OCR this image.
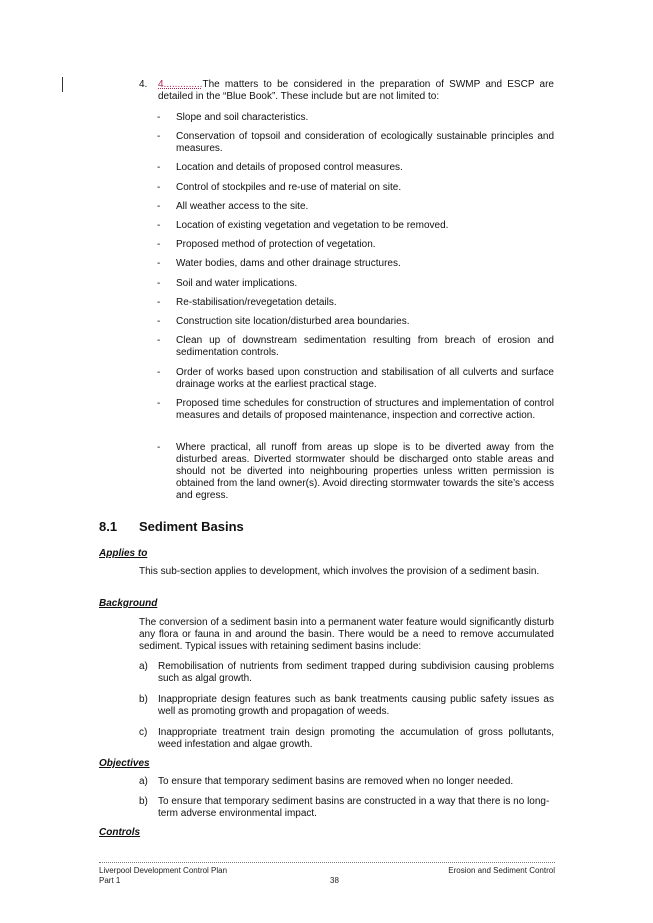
4. 4..............The matters to be considered in the preparation of SWMP and ESCP are detailed in the “Blue Book”. These include but are not limited to:
- Slope and soil characteristics.
- Conservation of topsoil and consideration of ecologically sustainable principles and measures.
- Location and details of proposed control measures.
- Control of stockpiles and re-use of material on site.
- All weather access to the site.
- Location of existing vegetation and vegetation to be removed.
- Proposed method of protection of vegetation.
- Water bodies, dams and other drainage structures.
- Soil and water implications.
- Re-stabilisation/revegetation details.
- Construction site location/disturbed area boundaries.
- Clean up of downstream sedimentation resulting from breach of erosion and sedimentation controls.
- Order of works based upon construction and stabilisation of all culverts and surface drainage works at the earliest practical stage.
- Proposed time schedules for construction of structures and implementation of control measures and details of proposed maintenance, inspection and corrective action.
- Where practical, all runoff from areas up slope is to be diverted away from the disturbed areas. Diverted stormwater should be discharged onto stable areas and should not be diverted into neighbouring properties unless written permission is obtained from the land owner(s). Avoid directing stormwater towards the site’s access and egress.
8.1 Sediment Basins
Applies to
This sub-section applies to development, which involves the provision of a sediment basin.
Background
The conversion of a sediment basin into a permanent water feature would significantly disturb any flora or fauna in and around the basin. There would be a need to remove accumulated sediment. Typical issues with retaining sediment basins include:
a) Remobilisation of nutrients from sediment trapped during subdivision causing problems such as algal growth.
b) Inappropriate design features such as bank treatments causing public safety issues as well as promoting growth and propagation of weeds.
c) Inappropriate treatment train design promoting the accumulation of gross pollutants, weed infestation and algae growth.
Objectives
a) To ensure that temporary sediment basins are removed when no longer needed.
b) To ensure that temporary sediment basins are constructed in a way that there is no long-term adverse environmental impact.
Controls
Liverpool Development Control Plan
Part 1	38
Erosion and Sediment Control
